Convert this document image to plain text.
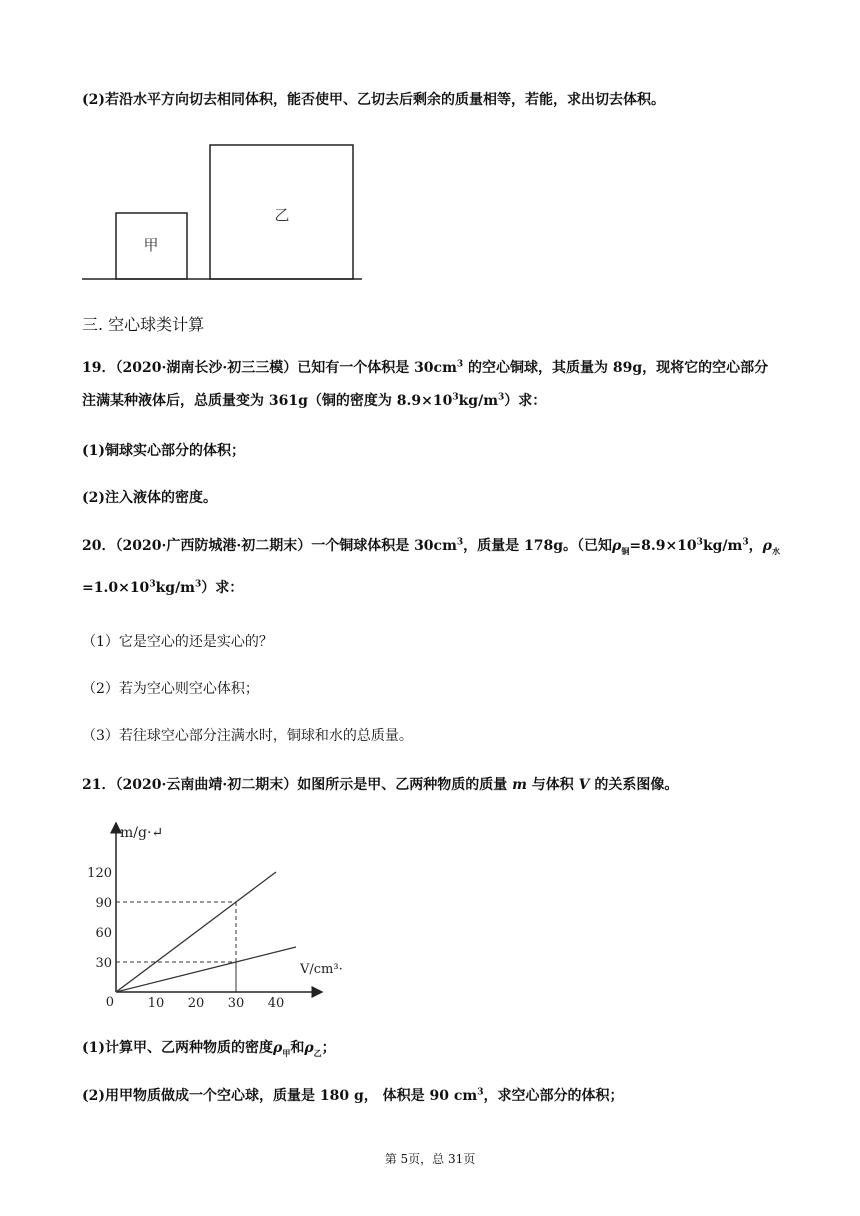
(2)若沿水平方向切去相同体积，能否使甲、乙切去后剩余的质量相等，若能，求出切去体积。
甲
乙
三. 空心球类计算
19．（2020·湖南长沙·初三三模）已知有一个体积是 $30cm^3$ 的空心铜球，其质量为 89g，现将它的空心部分
注满某种液体后，总质量变为 361g（铜的密度为 $8.9\times 10^3kg/m^3$）求：
(1)铜球实心部分的体积；
(2)注入液体的密度。
20．（2020·广西防城港·初二期末）一个铜球体积是 $30cm^3$，质量是 178g。（已知$\rho_铜=8.9\times 10^3kg/m^3$，$\rho_水$
$=1.0\times 10^3kg/m^3$）求：
（1）它是空心的还是实心的？
（2）若为空心则空心体积；
（3）若往球空心部分注满水时，铜球和水的总质量。
21．（2020·云南曲靖·初二期末）如图所示是甲、乙两种物质的质量 m 与体积 V 的关系图像。
m/g·↵
V/cm³·
120
90
60
30
0	10 20 30 40
(1)计算甲、乙两种物质的密度$\rho_甲$和$\rho_乙$；
(2)用甲物质做成一个空心球，质量是 180 g， 体积是 90 $cm^3$，求空心部分的体积；
第 5页，总 31页
